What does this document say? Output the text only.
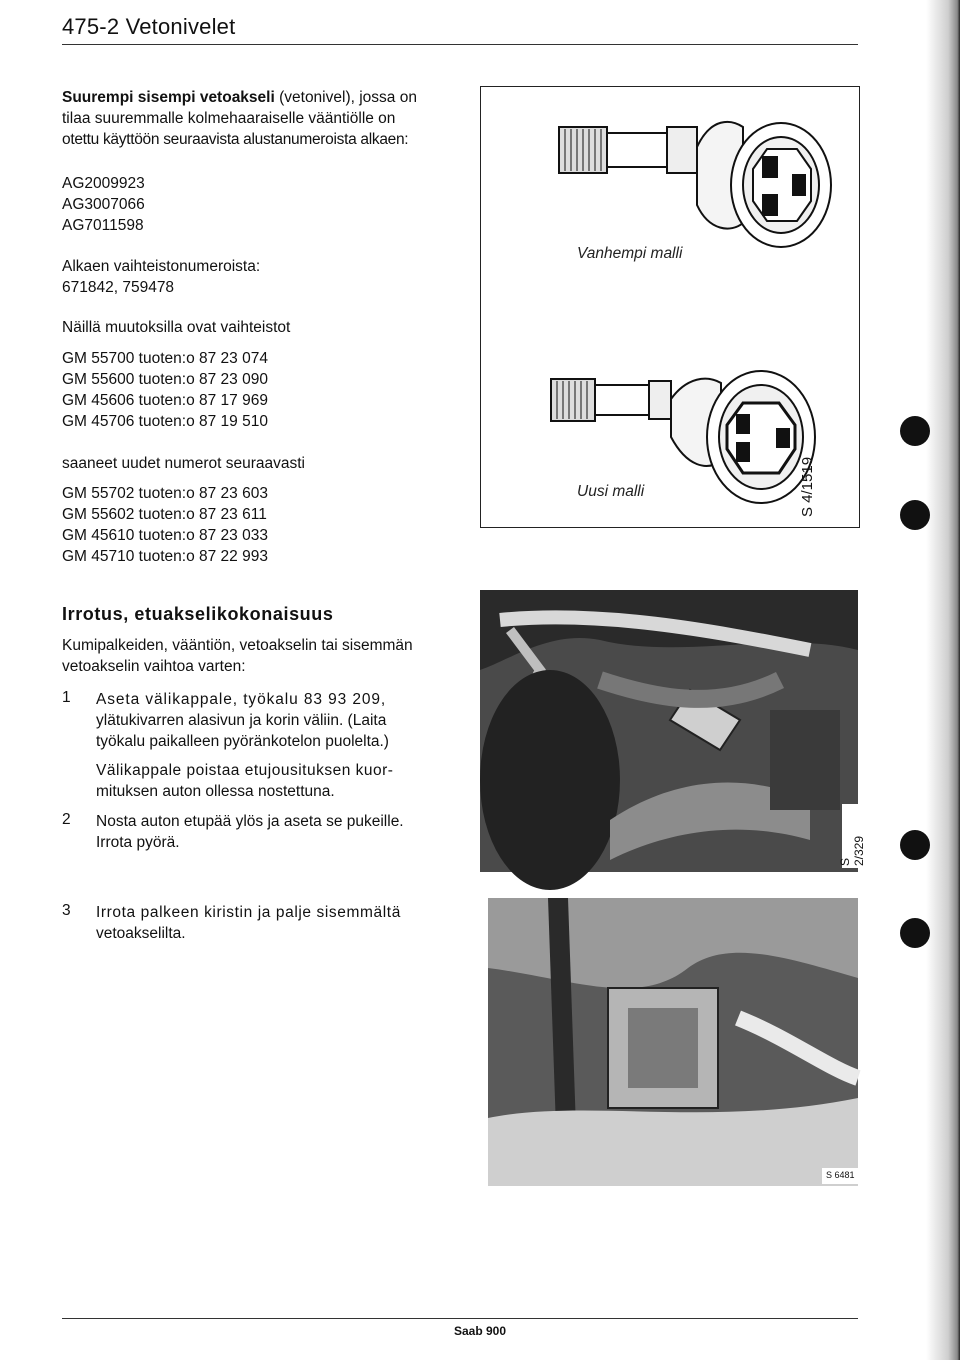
475-2 Vetonivelet
Suurempi sisempi vetoakseli (vetonivel), jossa on
tilaa suuremmalle kolmehaaraiselle vääntiölle on
otettu käyttöön seuraavista alustanumeroista alkaen:
AG2009923
AG3007066
AG7011598
Alkaen vaihteistonumeroista:
671842, 759478
Näillä muutoksilla ovat vaihteistot
GM 55700 tuoten:o 87 23 074
GM 55600 tuoten:o 87 23 090
GM 45606 tuoten:o 87 17 969
GM 45706 tuoten:o 87 19 510
saaneet uudet numerot seuraavasti
GM 55702 tuoten:o 87 23 603
GM 55602 tuoten:o 87 23 611
GM 45610 tuoten:o 87 23 033
GM 45710 tuoten:o 87 22 993
Vanhempi malli
Uusi malli	S 4/1519
Irrotus, etuakselikokonaisuus
Kumipalkeiden, vääntiön, vetoakselin tai sisemmän
vetoakselin vaihtoa varten:
1 Aseta välikappale, työkalu 83 93 209,
ylätukivarren alasivun ja korin väliin. (Laita
työkalu paikalleen pyöränkotelon puolelta.)
Välikappale poistaa etujousituksen kuor-
mituksen auton ollessa nostettuna.
2 Nosta auton etupää ylös ja aseta se pukeille.
Irrota pyörä.
3 Irrota palkeen kiristin ja palje sisemmältä
vetoakselilta.
S 2/329
S 6481
Saab 900
